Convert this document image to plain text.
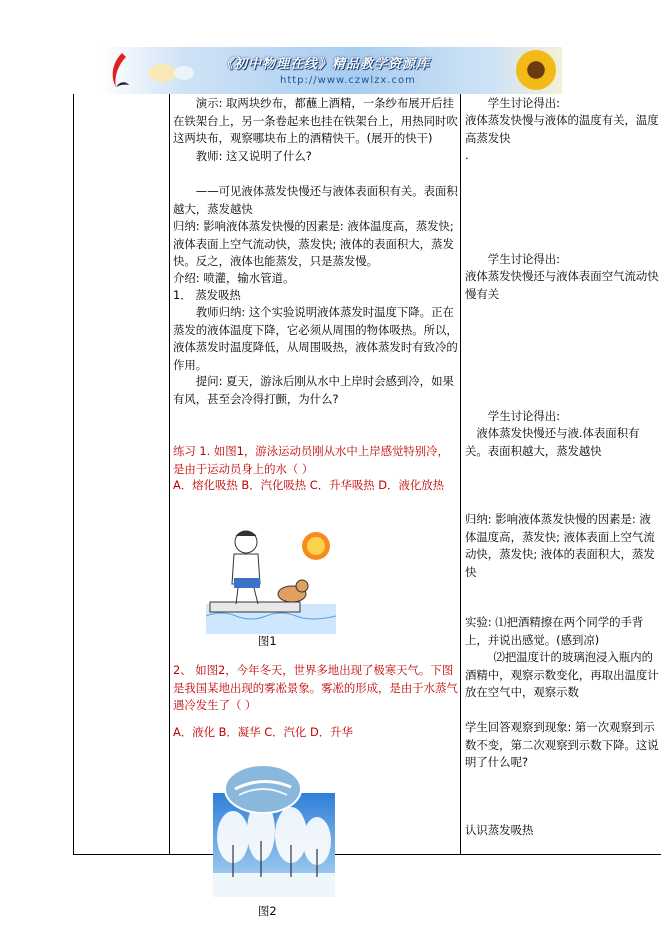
《初中物理在线》精品教学资源库
http://www.czwlzx.com
演示: 取两块纱布，都蘸上酒精，一条纱布展开后挂在铁架台上，另一条卷起来也挂在铁架台上，用热同时吹这两块布，观察哪块布上的酒精快干。(展开的快干)
教师: 这又说明了什么?
——可见液体蒸发快慢还与液体表面积有关。表面积越大，蒸发越快
归纳: 影响液体蒸发快慢的因素是: 液体温度高，蒸发快; 液体表面上空气流动快，蒸发快; 液体的表面积大，蒸发快。反之，液体也能蒸发，只是蒸发慢。
介绍: 喷灌，输水管道。
1． 蒸发吸热
教师归纳: 这个实验说明液体蒸发时温度下降。正在蒸发的液体温度下降，它必须从周围的物体吸热。所以，液体蒸发时温度降低，从周围吸热，液体蒸发时有致冷的作用。
提问: 夏天，游泳后刚从水中上岸时会感到冷，如果有风，甚至会冷得打颤，为什么?
练习 1. 如图1，游泳运动员刚从水中上岸感觉特别冷，是由于运动员身上的水（ ）
A．熔化吸热 B．汽化吸热 C．升华吸热 D．液化放热
图1
2、 如图2，今年冬天，世界多地出现了极寒天气。下图是我国某地出现的雾凇景象。雾凇的形成，是由于水蒸气遇冷发生了（ ）
A．液化 B．凝华 C．汽化 D．升华
图2
学生讨论得出:
液体蒸发快慢与液体的温度有关，温度高蒸发快
.
学生讨论得出:
液体蒸发快慢还与液体表面空气流动快慢有关
学生讨论得出:
液体蒸发快慢还与液.体表面积有关。表面积越大，蒸发越快
归纳: 影响液体蒸发快慢的因素是: 液体温度高，蒸发快; 液体表面上空气流动快，蒸发快; 液体的表面积大，蒸发快
实验: ⑴把酒精擦在两个同学的手背上，并说出感觉。(感到凉)
⑵把温度计的玻璃泡浸入瓶内的酒精中，观察示数变化，再取出温度计放在空气中，观察示数
学生回答观察到现象: 第一次观察到示数不变，第二次观察到示数下降。这说明了什么呢?
认识蒸发吸热
